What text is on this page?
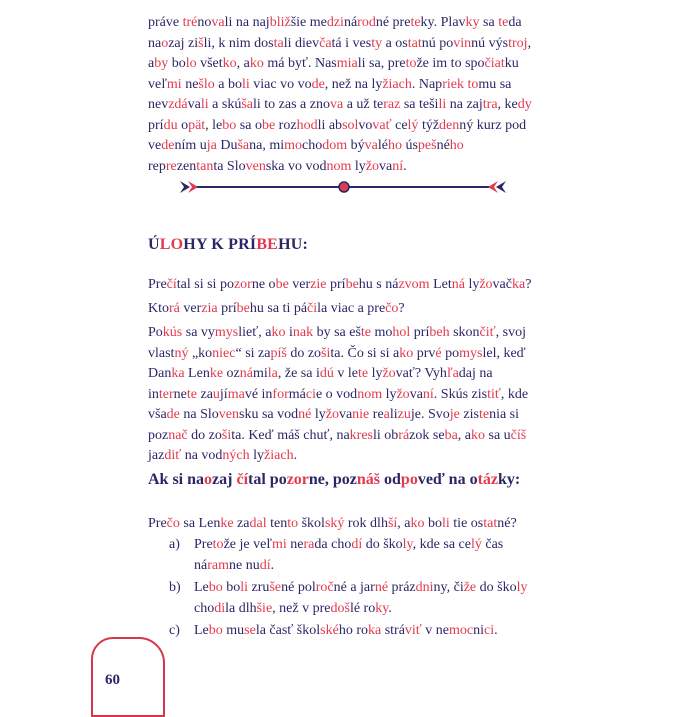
práve trénovali na najbližšie medzinárodné preteky. Plavky sa teda naozaj zišli, k nim dostali dievčatá i vesty a ostatnú povinnú výstroj, aby bolo všetko, ako má byť. Nasmiali sa, pretože im to spočiatku veľmi nešlo a boli viac vo vode, než na lyžiach. Napriek tomu sa nevzdávali a skúšali to zas a znova a už teraz sa tešili na zajtra, kedy prídu opät, lebo sa obe rozhodli absolvovať celý týždenný kurz pod vedením uja Dušana, mimochodom bývalého úspešného reprezentanta Slovenska vo vodnom lyžovaní.

ÚLOHY K PRÍBEHU:

Prečítal si si pozorne obe verzie príbehu s názvom Letná lyžovačka?

Ktorá verzia príbehu sa ti páčila viac a prečo?

Pokús sa vymyslieť, ako inak by sa ešte mohol príbeh skončiť, svoj vlastný „koniec“ si zapíš do zošita. Čo si si ako prvé pomyslel, keď Danka Lenke oznámila, že sa idú v lete lyžovať? Vyhľadaj na internete zaujímavé informácie o vodnom lyžovaní. Skús zistiť, kde všade na Slovensku sa vodné lyžovanie realizuje. Svoje zistenia si poznač do zošita. Keď máš chuť, nakresli obrázok seba, ako sa učíš jazdiť na vodných lyžiach.

Ak si naozaj čítal pozorne, poznáš odpoveď na otázky:

Prečo sa Lenke zadal tento školský rok dlhší, ako boli tie ostatné?

a) Pretože je veľmi nerada chodí do školy, kde sa celý čas náramne nudí.
b) Lebo boli zrušené polročné a jarné prázdniny, čiže do školy chodila dlhšie, než v predošlé roky.
c) Lebo musela časť školského roka stráviť v nemocnici.
60
